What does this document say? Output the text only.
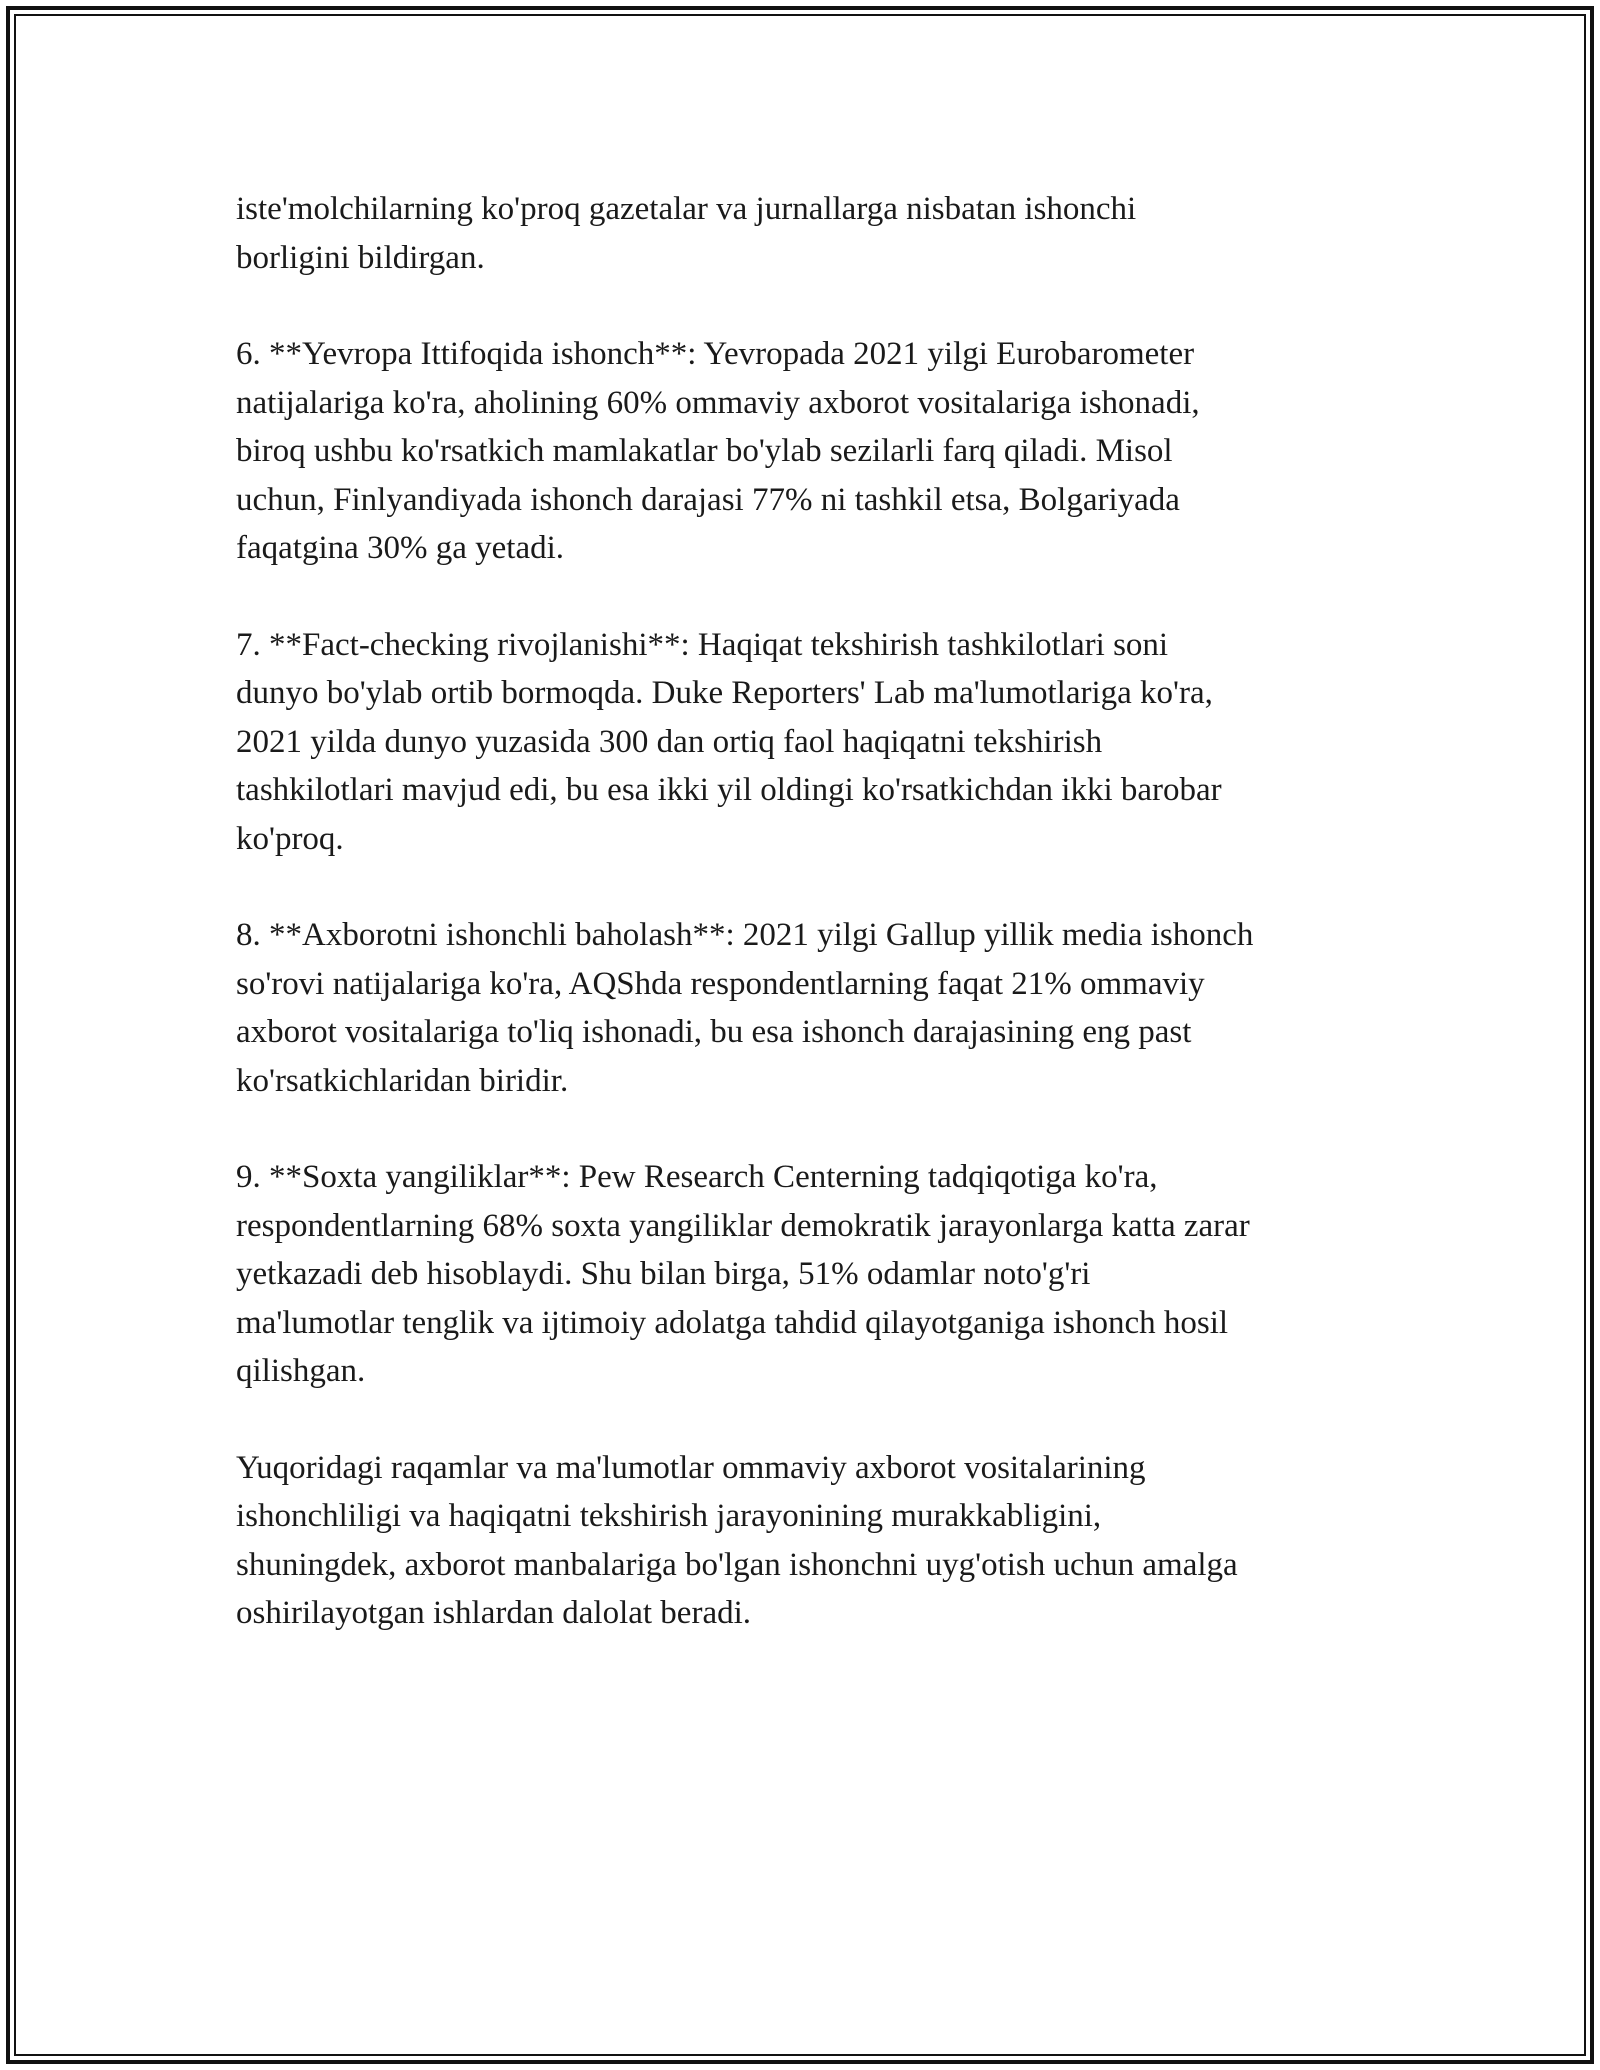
iste'molchilarning ko'proq gazetalar va jurnallarga nisbatan ishonchi
borligini bildirgan.

6. **Yevropa Ittifoqida ishonch**: Yevropada 2021 yilgi Eurobarometer
natijalariga ko'ra, aholining 60% ommaviy axborot vositalariga ishonadi,
biroq ushbu ko'rsatkich mamlakatlar bo'ylab sezilarli farq qiladi. Misol
uchun, Finlyandiyada ishonch darajasi 77% ni tashkil etsa, Bolgariyada
faqatgina 30% ga yetadi.

7. **Fact-checking rivojlanishi**: Haqiqat tekshirish tashkilotlari soni
dunyo bo'ylab ortib bormoqda. Duke Reporters' Lab ma'lumotlariga ko'ra,
2021 yilda dunyo yuzasida 300 dan ortiq faol haqiqatni tekshirish
tashkilotlari mavjud edi, bu esa ikki yil oldingi ko'rsatkichdan ikki barobar
ko'proq.

8. **Axborotni ishonchli baholash**: 2021 yilgi Gallup yillik media ishonch
so'rovi natijalariga ko'ra, AQShda respondentlarning faqat 21% ommaviy
axborot vositalariga to'liq ishonadi, bu esa ishonch darajasining eng past
ko'rsatkichlaridan biridir.

9. **Soxta yangiliklar**: Pew Research Centerning tadqiqotiga ko'ra,
respondentlarning 68% soxta yangiliklar demokratik jarayonlarga katta zarar
yetkazadi deb hisoblaydi. Shu bilan birga, 51% odamlar noto'g'ri
ma'lumotlar tenglik va ijtimoiy adolatga tahdid qilayotganiga ishonch hosil
qilishgan.

Yuqoridagi raqamlar va ma'lumotlar ommaviy axborot vositalarining
ishonchliligi va haqiqatni tekshirish jarayonining murakkabligini,
shuningdek, axborot manbalariga bo'lgan ishonchni uyg'otish uchun amalga
oshirilayotgan ishlardan dalolat beradi.
